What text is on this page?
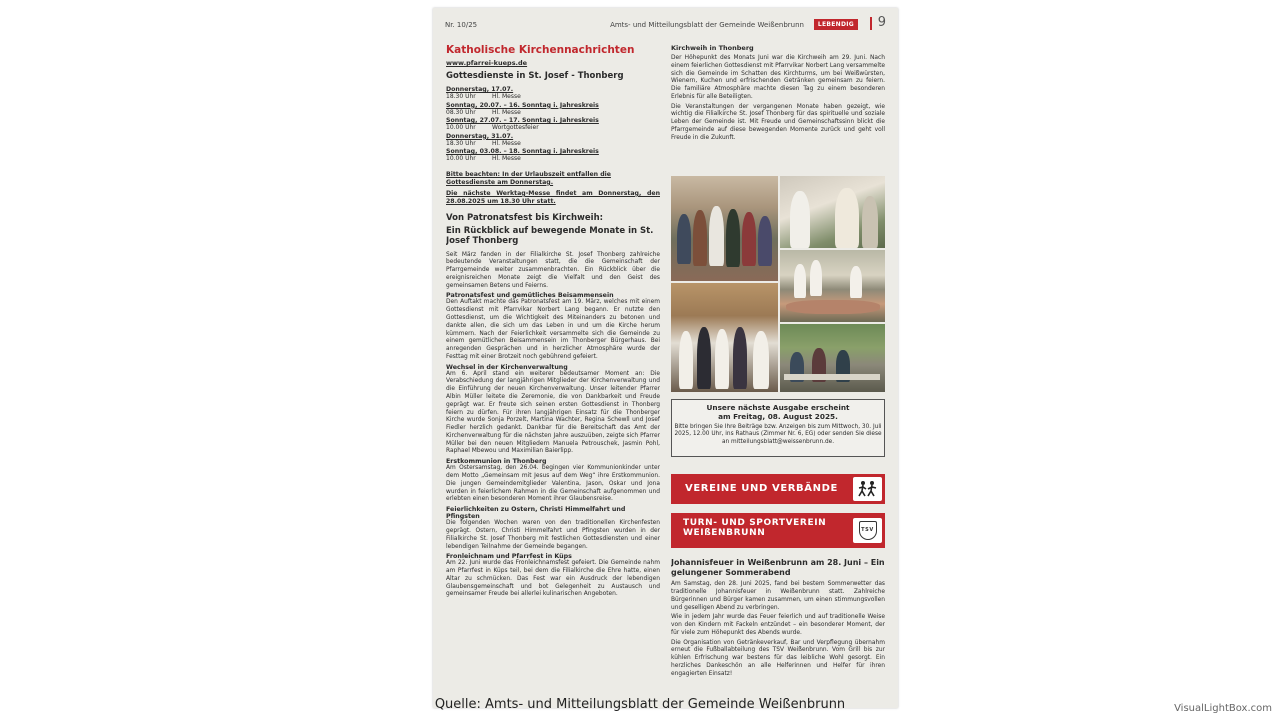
Nr. 10/25	Amts- und Mitteilungsblatt der Gemeinde Weißenbrunn	LEBENDIG	9
Katholische Kirchennachrichten
www.pfarrei-kueps.de
Gottesdienste in St. Josef - Thonberg
Donnerstag, 17.07.
18.30 Uhr	Hl. Messe
Sonntag, 20.07. – 16. Sonntag i. Jahreskreis
08.30 Uhr	Hl. Messe
Sonntag, 27.07. – 17. Sonntag i. Jahreskreis
10.00 Uhr	Wortgottesfeier
Donnerstag, 31.07.
18.30 Uhr	Hl. Messe
Sonntag, 03.08. – 18. Sonntag i. Jahreskreis
10.00 Uhr	Hl. Messe
Bitte beachten: In der Urlaubszeit entfallen die Gottesdienste am Donnerstag.
Die nächste Werktag-Messe findet am Donnerstag, den 28.08.2025 um 18.30 Uhr statt.
Von Patronatsfest bis Kirchweih:
Ein Rückblick auf bewegende Monate in St. Josef Thonberg
Seit März fanden in der Filialkirche St. Josef Thonberg zahlreiche bedeutende Veranstaltungen statt, die die Gemeinschaft der Pfarrgemeinde weiter zusammenbrachten. Ein Rückblick über die ereignisreichen Monate zeigt die Vielfalt und den Geist des gemeinsamen Betens und Feierns.
Patronatsfest und gemütliches Beisammensein
Den Auftakt machte das Patronatsfest am 19. März, welches mit einem Gottesdienst mit Pfarrvikar Norbert Lang begann. Er nutzte den Gottesdienst, um die Wichtigkeit des Miteinanders zu betonen und dankte allen, die sich um das Leben in und um die Kirche herum kümmern. Nach der Feierlichkeit versammelte sich die Gemeinde zu einem gemütlichen Beisammensein im Thonberger Bürgerhaus. Bei anregenden Gesprächen und in herzlicher Atmosphäre wurde der Festtag mit einer Brotzeit noch gebührend gefeiert.
Wechsel in der Kirchenverwaltung
Am 6. April stand ein weiterer bedeutsamer Moment an: Die Verabschiedung der langjährigen Mitglieder der Kirchenverwaltung und die Einführung der neuen Kirchenverwaltung. Unser leitender Pfarrer Albin Müller leitete die Zeremonie, die von Dankbarkeit und Freude geprägt war. Er freute sich seinen ersten Gottesdienst in Thonberg feiern zu dürfen. Für ihren langjährigen Einsatz für die Thonberger Kirche wurde Sonja Porzelt, Martina Wachter, Regina Schewll und Josef Fiedler herzlich gedankt. Dankbar für die Bereitschaft das Amt der Kirchenverwaltung für die nächsten Jahre auszuüben, zeigte sich Pfarrer Müller bei den neuen Mitgliedern Manuela Petrouschek, Jasmin Pohl, Raphael Mbewou und Maximilian Baierlipp.
Erstkommunion in Thonberg
Am Ostersamstag, den 26.04. begingen vier Kommunionkinder unter dem Motto „Gemeinsam mit Jesus auf dem Weg“ ihre Erstkommunion. Die jungen Gemeindemitglieder Valentina, Jason, Oskar und Jona wurden in feierlichem Rahmen in die Gemeinschaft aufgenommen und erlebten einen besonderen Moment ihrer Glaubensreise.
Feierlichkeiten zu Ostern, Christi Himmelfahrt und Pfingsten
Die folgenden Wochen waren von den traditionellen Kirchenfesten geprägt. Ostern, Christi Himmelfahrt und Pfingsten wurden in der Filialkirche St. Josef Thonberg mit festlichen Gottesdiensten und einer lebendigen Teilnahme der Gemeinde begangen.
Fronleichnam und Pfarrfest in Küps
Am 22. Juni wurde das Fronleichnamsfest gefeiert. Die Gemeinde nahm am Pfarrfest in Küps teil, bei dem die Filialkirche die Ehre hatte, einen Altar zu schmücken. Das Fest war ein Ausdruck der lebendigen Glaubensgemeinschaft und bot Gelegenheit zu Austausch und gemeinsamer Freude bei allerlei kulinarischen Angeboten.
Kirchweih in Thonberg
Der Höhepunkt des Monats Juni war die Kirchweih am 29. Juni. Nach einem feierlichen Gottesdienst mit Pfarrvikar Norbert Lang versammelte sich die Gemeinde im Schatten des Kirchturms, um bei Weißwürsten, Wienern, Kuchen und erfrischenden Getränken gemeinsam zu feiern. Die familiäre Atmosphäre machte diesen Tag zu einem besonderen Erlebnis für alle Beteiligten.
Die Veranstaltungen der vergangenen Monate haben gezeigt, wie wichtig die Filialkirche St. Josef Thonberg für das spirituelle und soziale Leben der Gemeinde ist. Mit Freude und Gemeinschaftssinn blickt die Pfarrgemeinde auf diese bewegenden Momente zurück und geht voll Freude in die Zukunft.
Unsere nächste Ausgabe erscheint
am Freitag, 08. August 2025.
Bitte bringen Sie Ihre Beiträge bzw. Anzeigen bis zum Mittwoch, 30. Juli 2025, 12.00 Uhr, ins Rathaus (Zimmer Nr. 6, EG) oder senden Sie diese an mitteilungsblatt@weissenbrunn.de.
VEREINE UND VERBÄNDE
TURN- UND SPORTVEREIN
WEIßENBRUNN	TSV
Johannisfeuer in Weißenbrunn am 28. Juni – Ein gelungener Sommerabend
Am Samstag, den 28. Juni 2025, fand bei bestem Sommerwetter das traditionelle Johannisfeuer in Weißenbrunn statt. Zahlreiche Bürgerinnen und Bürger kamen zusammen, um einen stimmungsvollen und geselligen Abend zu verbringen.
Wie in jedem Jahr wurde das Feuer feierlich und auf traditionelle Weise von den Kindern mit Fackeln entzündet – ein besonderer Moment, der für viele zum Höhepunkt des Abends wurde.
Die Organisation von Getränkeverkauf, Bar und Verpflegung übernahm erneut die Fußballabteilung des TSV Weißenbrunn. Vom Grill bis zur kühlen Erfrischung war bestens für das leibliche Wohl gesorgt. Ein herzliches Dankeschön an alle Helferinnen und Helfer für ihren engagierten Einsatz!
Quelle: Amts- und Mitteilungsblatt der Gemeinde Weißenbrunn	VisualLightBox.com
